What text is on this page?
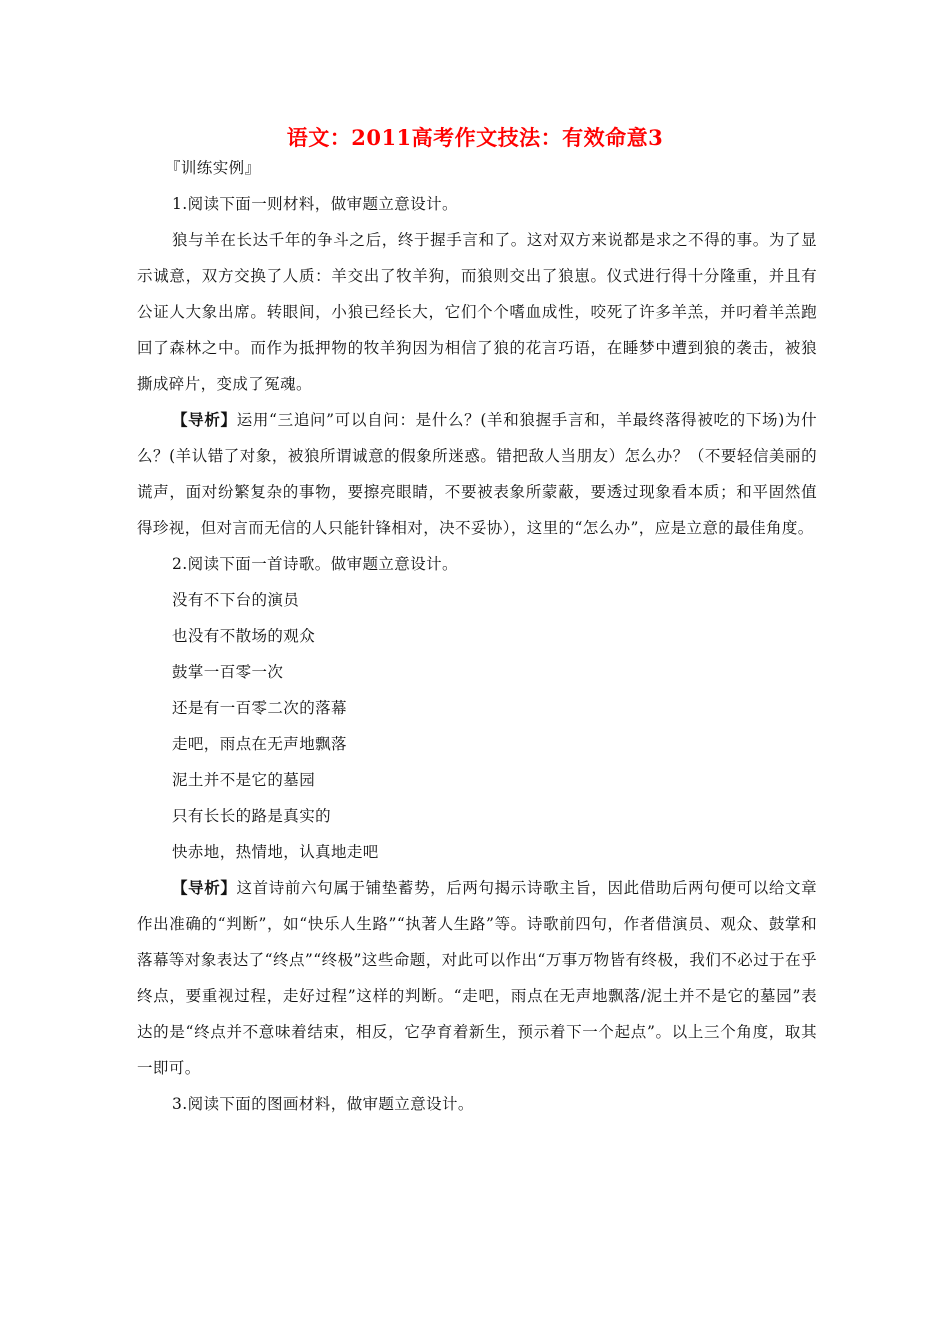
语文：2011高考作文技法：有效命意3

『训练实例』

1.阅读下面一则材料，做审题立意设计。

狼与羊在长达千年的争斗之后，终于握手言和了。这对双方来说都是求之不得的事。为了显示诚意，双方交换了人质：羊交出了牧羊狗，而狼则交出了狼崽。仪式进行得十分隆重，并且有公证人大象出席。转眼间，小狼已经长大，它们个个嗜血成性，咬死了许多羊羔，并叼着羊羔跑回了森林之中。而作为抵押物的牧羊狗因为相信了狼的花言巧语，在睡梦中遭到狼的袭击，被狼撕成碎片，变成了冤魂。

【导析】运用“三追问”可以自问：是什么？(羊和狼握手言和，羊最终落得被吃的下场)为什么？(羊认错了对象，被狼所谓诚意的假象所迷惑。错把敌人当朋友）怎么办？（不要轻信美丽的谎声，面对纷繁复杂的事物，要擦亮眼睛，不要被表象所蒙蔽，要透过现象看本质；和平固然值得珍视，但对言而无信的人只能针锋相对，决不妥协），这里的“怎么办”，应是立意的最佳角度。

2.阅读下面一首诗歌。做审题立意设计。

没有不下台的演员

也没有不散场的观众

鼓掌一百零一次

还是有一百零二次的落幕

走吧，雨点在无声地飘落

泥土并不是它的墓园

只有长长的路是真实的

快赤地，热情地，认真地走吧

【导析】这首诗前六句属于铺垫蓄势，后两句揭示诗歌主旨，因此借助后两句便可以给文章作出准确的“判断”，如“快乐人生路”“执著人生路”等。诗歌前四句，作者借演员、观众、鼓掌和落幕等对象表达了“终点”“终极”这些命题，对此可以作出“万事万物皆有终极，我们不必过于在乎终点，要重视过程，走好过程”这样的判断。“走吧，雨点在无声地飘落/泥土并不是它的墓园”表达的是“终点并不意味着结束，相反，它孕育着新生，预示着下一个起点”。以上三个角度，取其一即可。

3.阅读下面的图画材料，做审题立意设计。
